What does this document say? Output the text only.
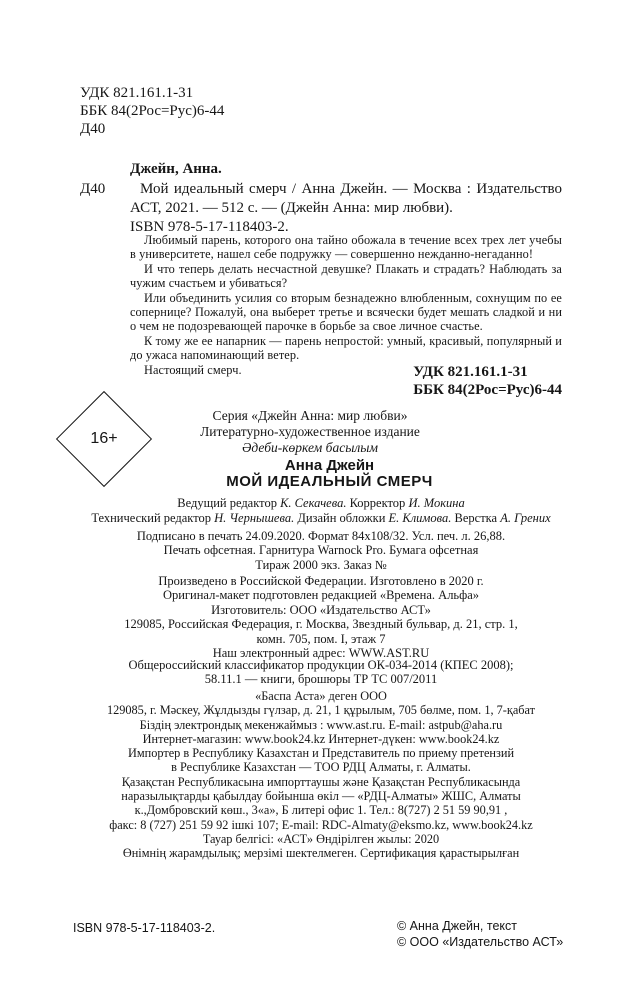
УДК 821.161.1-31
ББК 84(2Рос=Рус)6-44
Д40
Д40
Джейн, Анна.
Мой идеальный смерч / Анна Джейн. — Москва : Издательство АСТ, 2021. — 512 с. — (Джейн Анна: мир любви).
ISBN 978-5-17-118403-2.

Любимый парень, которого она тайно обожала в течение всех трех лет учебы в университете, нашел себе подружку — совершенно нежданно-негаданно!

И что теперь делать несчастной девушке? Плакать и страдать? Наблюдать за чужим счастьем и убиваться?

Или объединить усилия со вторым безнадежно влюбленным, сохнущим по ее сопернице? Пожалуй, она выберет третье и всячески будет мешать сладкой и ни о чем не подозревающей парочке в борьбе за свое личное счастье.

К тому же ее напарник — парень непростой: умный, красивый, популярный и до ужаса напоминающий ветер.

Настоящий смерч.	УДК 821.161.1-31
ББК 84(2Рос=Рус)6-44
16+
Серия «Джейн Анна: мир любви»
Литературно-художественное издание
Әдеби-көркем басылым
Анна Джейн
МОЙ ИДЕАЛЬНЫЙ СМЕРЧ
Ведущий редактор К. Секачева. Корректор И. Мокина
Технический редактор Н. Чернышева. Дизайн обложки Е. Климова. Верстка А. Грених
Подписано в печать 24.09.2020. Формат 84x108/32. Усл. печ. л. 26,88.
Печать офсетная. Гарнитура Warnock Pro. Бумага офсетная
Тираж 2000 экз. Заказ №
Произведено в Российской Федерации. Изготовлено в 2020 г.
Оригинал-макет подготовлен редакцией «Времена. Альфа»
Изготовитель: ООО «Издательство АСТ»
129085, Российская Федерация, г. Москва, Звездный бульвар, д. 21, стр. 1,
комн. 705, пом. I, этаж 7
Наш электронный адрес: WWW.AST.RU
Общероссийский классификатор продукции ОК-034-2014 (КПЕС 2008);
58.11.1 — книги, брошюры ТР ТС 007/2011
«Баспа Аста» деген ООО
129085, г. Мәскеу, Жұлдызды гүлзар, д. 21, 1 құрылым, 705 бөлме, пом. 1, 7-қабат
Біздің электрондық мекенжаймыз : www.ast.ru. E-mail: astpub@aha.ru
Интернет-магазин: www.book24.kz Интернет-дүкен: www.book24.kz
Импортер в Республику Казахстан и Представитель по приему претензий
в Республике Казахстан — ТОО РДЦ Алматы, г. Алматы.
Қазақстан Республикасына импорттаушы және Қазақстан Республикасында
наразылықтарды қабылдау бойынша өкіл — «РДЦ-Алматы» ЖШС, Алматы
к.,Домбровский көш., 3«а», Б литері офис 1. Тел.: 8(727) 2 51 59 90,91 ,
факс: 8 (727) 251 59 92 ішкі 107; E-mail: RDC-Almaty@eksmo.kz, www.book24.kz
Тауар белгісі: «АСТ» Өндірілген жылы: 2020
Өнімнің жарамдылық; мерзімі шектелмеген. Сертификация қарастырылған
ISBN 978-5-17-118403-2.	© Анна Джейн, текст
© ООО «Издательство АСТ»
